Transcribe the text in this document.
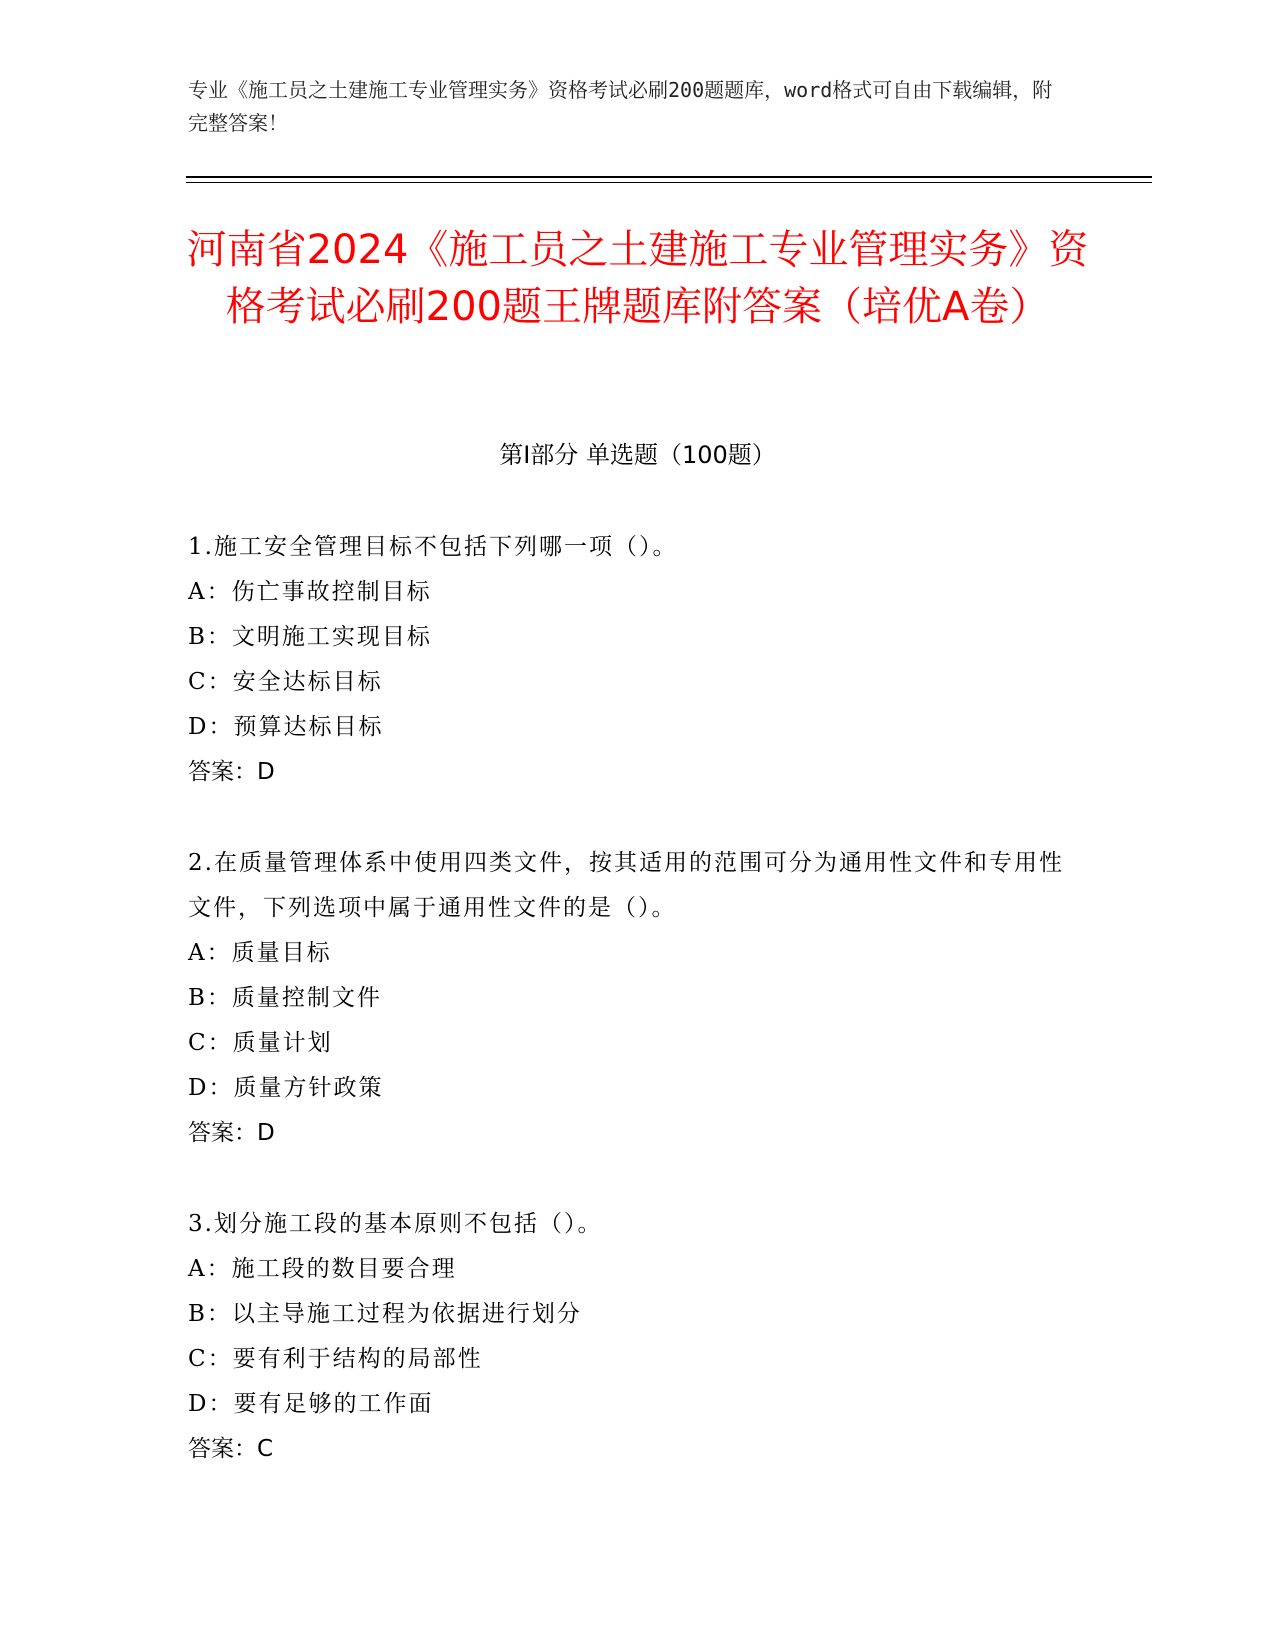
专业《施工员之土建施工专业管理实务》资格考试必刷200题题库，word格式可自由下载编辑，附完整答案！
河南省2024《施工员之土建施工专业管理实务》资格考试必刷200题王牌题库附答案（培优A卷）
第Ⅰ部分 单选题（100题）

1.施工安全管理目标不包括下列哪一项（）。

A：伤亡事故控制目标

B：文明施工实现目标

C：安全达标目标

D：预算达标目标

答案：D

2.在质量管理体系中使用四类文件，按其适用的范围可分为通用性文件和专用性文件，下列选项中属于通用性文件的是（）。

A：质量目标

B：质量控制文件

C：质量计划

D：质量方针政策

答案：D

3.划分施工段的基本原则不包括（）。

A：施工段的数目要合理

B：以主导施工过程为依据进行划分

C：要有利于结构的局部性

D：要有足够的工作面

答案：C
